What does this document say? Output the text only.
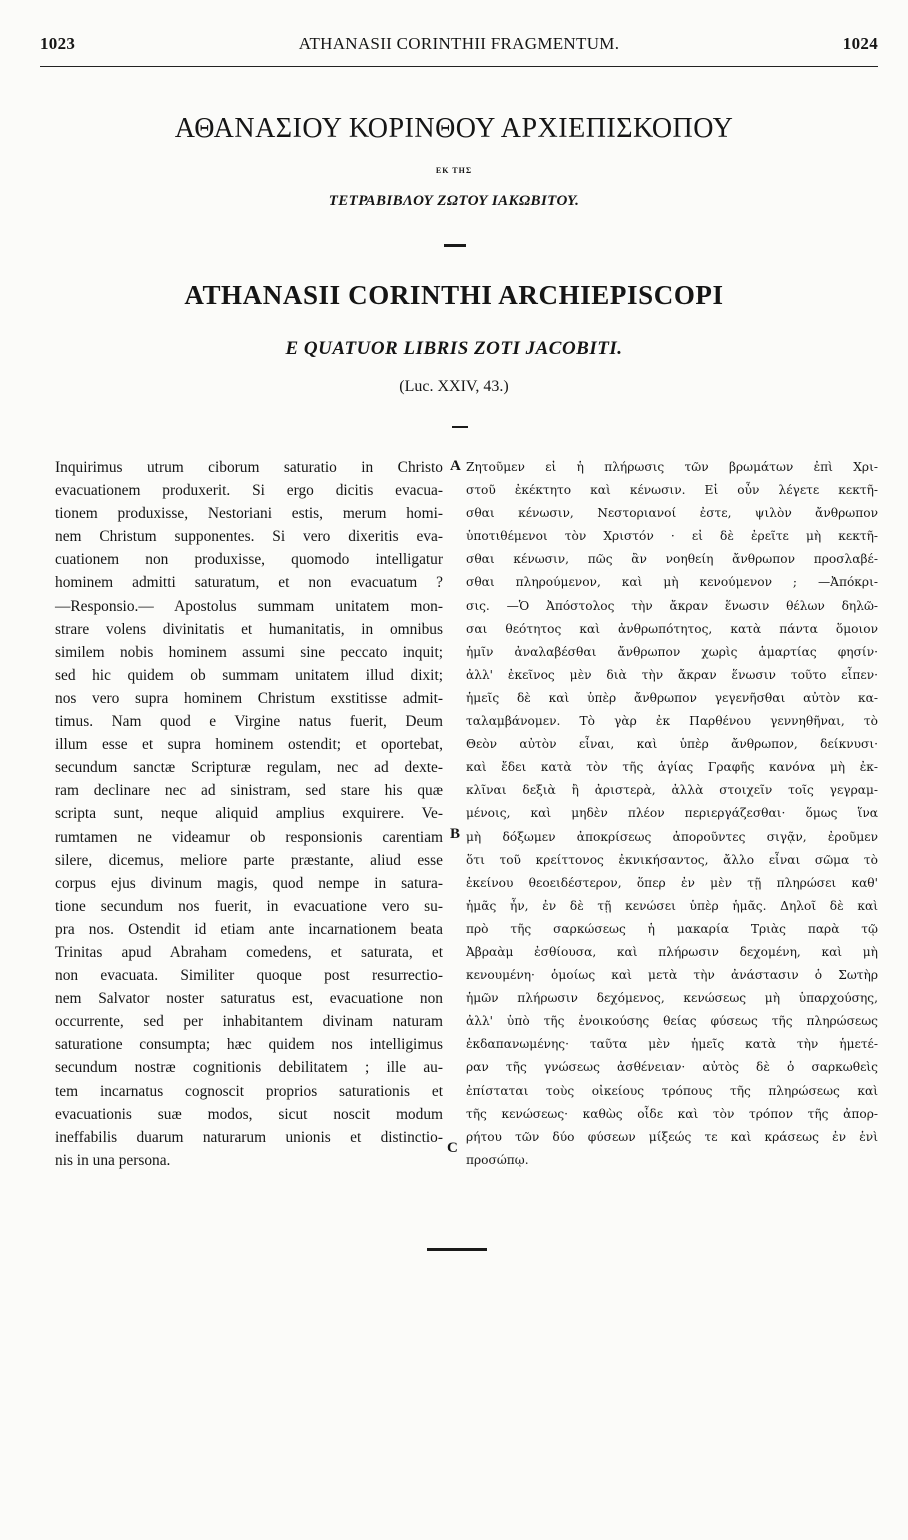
1023	ATHANASII CORINTHII FRAGMENTUM.	1024
ΑΘΑΝΑΣΙΟΥ ΚΟΡΙΝΘΟΥ ΑΡΧΙΕΠΙΣΚΟΠΟΥ
ΕΚ ΤΗΣ
ΤΕΤΡΑΒΙΒΛΟΥ ΖΩΤΟΥ ΙΑΚΩΒΙΤΟΥ.
ATHANASII CORINTHI ARCHIEPISCOPI
E QUATUOR LIBRIS ZOTI JACOBITI.
(Luc. XXIV, 43.)
Inquirimus utrum ciborum saturatio in Christo
evacuationem produxerit. Si ergo dicitis evacua-
tionem produxisse, Nestoriani estis, merum homi-
nem Christum supponentes. Si vero dixeritis eva-
cuationem non produxisse, quomodo intelligatur
hominem admitti saturatum, et non evacuatum ?
—Responsio.— Apostolus summam unitatem mon-
strare volens divinitatis et humanitatis, in omnibus
similem nobis hominem assumi sine peccato inquit;
sed hic quidem ob summam unitatem illud dixit;
nos vero supra hominem Christum exstitisse admit-
timus. Nam quod e Virgine natus fuerit, Deum
illum esse et supra hominem ostendit; et oportebat,
secundum sanctæ Scripturæ regulam, nec ad dexte-
ram declinare nec ad sinistram, sed stare his quæ
scripta sunt, neque aliquid amplius exquirere. Ve-
rumtamen ne videamur ob responsionis carentiam
silere, dicemus, meliore parte præstante, aliud esse
corpus ejus divinum magis, quod nempe in satura-
tione secundum nos fuerit, in evacuatione vero su-
pra nos. Ostendit id etiam ante incarnationem beata
Trinitas apud Abraham comedens, et saturata, et
non evacuata. Similiter quoque post resurrectio-
nem Salvator noster saturatus est, evacuatione non
occurrente, sed per inhabitantem divinam naturam
saturatione consumpta; hæc quidem nos intelligimus
secundum nostræ cognitionis debilitatem ; ille au-
tem incarnatus cognoscit proprios saturationis et
evacuationis suæ modos, sicut noscit modum
ineffabilis duarum naturarum unionis et distinctio-
nis in una persona.
Ζητοῦμεν εἰ ἡ πλήρωσις τῶν βρωμάτων ἐπὶ Χρι-
στοῦ ἐκέκτητο καὶ κένωσιν. Εἰ οὖν λέγετε κεκτῆ-
σθαι κένωσιν, Νεστοριανοί ἐστε, ψιλὸν ἄνθρωπον
ὑποτιθέμενοι τὸν Χριστόν · εἰ δὲ ἐρεῖτε μὴ κεκτῆ-
σθαι κένωσιν, πῶς ἂν νοηθείη ἄνθρωπον προσλαβέ-
σθαι πληρούμενον, καὶ μὴ κενούμενον ; —Ἀπόκρι-
σις. —Ὁ Ἀπόστολος τὴν ἄκραν ἕνωσιν θέλων δηλῶ-
σαι θεότητος καὶ ἀνθρωπότητος, κατὰ πάντα ὅμοιον
ἡμῖν ἀναλαβέσθαι ἄνθρωπον χωρὶς ἁμαρτίας φησίν·
ἀλλ' ἐκεῖνος μὲν διὰ τὴν ἄκραν ἕνωσιν τοῦτο εἶπεν·
ἡμεῖς δὲ καὶ ὑπὲρ ἄνθρωπον γεγενῆσθαι αὐτὸν κα-
ταλαμβάνομεν. Τὸ γὰρ ἐκ Παρθένου γεννηθῆναι, τὸ
Θεὸν αὐτὸν εἶναι, καὶ ὑπὲρ ἄνθρωπον, δείκνυσι·
καὶ ἔδει κατὰ τὸν τῆς ἁγίας Γραφῆς κανόνα μὴ ἐκ-
κλῖναι δεξιὰ ἢ ἀριστερὰ, ἀλλὰ στοιχεῖν τοῖς γεγραμ-
μένοις, καὶ μηδὲν πλέον περιεργάζεσθαι· ὅμως ἵνα
μὴ δόξωμεν ἀποκρίσεως ἀποροῦντες σιγᾷν, ἐροῦμεν
ὅτι τοῦ κρείττονος ἐκνικήσαντος, ἄλλο εἶναι σῶμα τὸ
ἐκείνου θεοειδέστερον, ὅπερ ἐν μὲν τῇ πληρώσει καθ'
ἡμᾶς ἦν, ἐν δὲ τῇ κενώσει ὑπὲρ ἡμᾶς. Δηλοῖ δὲ καὶ
πρὸ τῆς σαρκώσεως ἡ μακαρία Τριὰς παρὰ τῷ
Ἀβραὰμ ἐσθίουσα, καὶ πλήρωσιν δεχομένη, καὶ μὴ
κενουμένη· ὁμοίως καὶ μετὰ τὴν ἀνάστασιν ὁ Σωτὴρ
ἡμῶν πλήρωσιν δεχόμενος, κενώσεως μὴ ὑπαρχούσης,
ἀλλ' ὑπὸ τῆς ἐνοικούσης θείας φύσεως τῆς πληρώσεως
ἐκδαπανωμένης· ταῦτα μὲν ἡμεῖς κατὰ τὴν ἡμετέ-
ραν τῆς γνώσεως ἀσθένειαν· αὐτὸς δὲ ὁ σαρκωθεὶς
ἐπίσταται τοὺς οἰκείους τρόπους τῆς πληρώσεως καὶ
τῆς κενώσεως· καθὼς οἶδε καὶ τὸν τρόπον τῆς ἀπορ-
ρήτου τῶν δύο φύσεων μίξεώς τε καὶ κράσεως ἐν ἑνὶ
προσώπῳ.
A
B
C
